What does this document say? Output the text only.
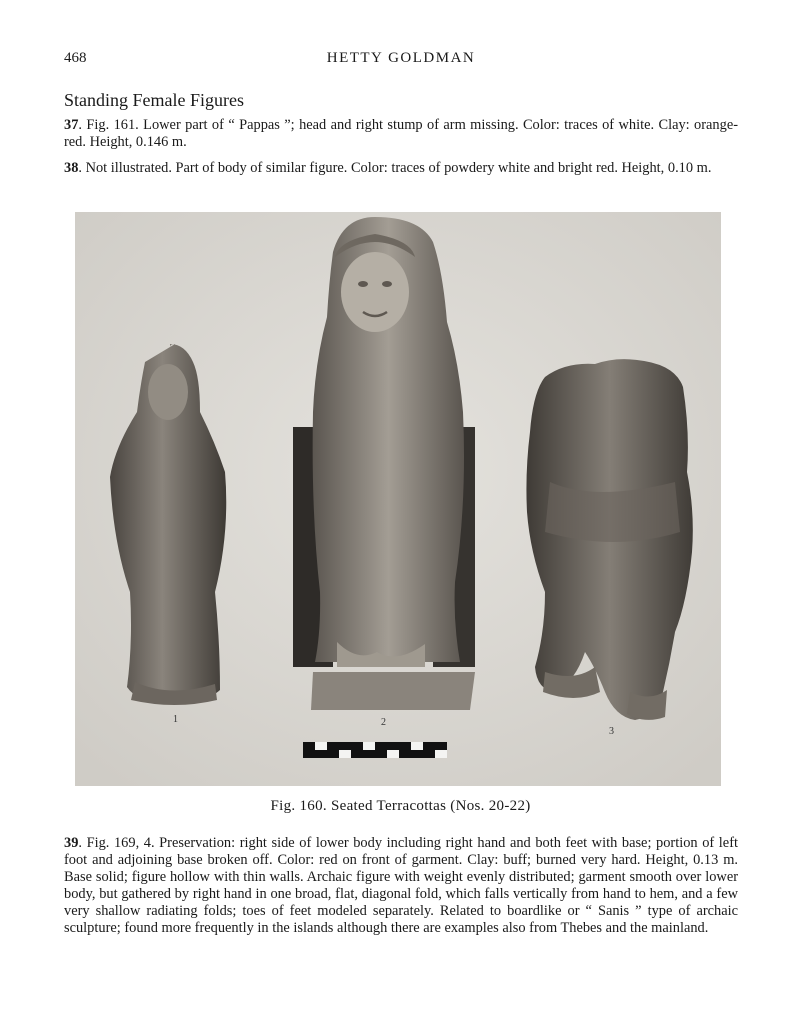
468	HETTY GOLDMAN
Standing Female Figures

37. Fig. 161. Lower part of “ Pappas ”; head and right stump of arm missing. Color: traces of white. Clay: orange-red. Height, 0.146 m.

38. Not illustrated. Part of body of similar figure. Color: traces of powdery white and bright red. Height, 0.10 m.

1	2
3
Fig. 160. Seated Terracottas (Nos. 20-22)

39. Fig. 169, 4. Preservation: right side of lower body including right hand and both feet with base; portion of left foot and adjoining base broken off. Color: red on front of garment. Clay: buff; burned very hard. Height, 0.13 m. Base solid; figure hollow with thin walls. Archaic figure with weight evenly distributed; garment smooth over lower body, but gathered by right hand in one broad, flat, diagonal fold, which falls vertically from hand to hem, and a few very shallow radiating folds; toes of feet modeled separately. Related to boardlike or “ Sanis ” type of archaic sculpture; found more frequently in the islands although there are examples also from Thebes and the mainland.
